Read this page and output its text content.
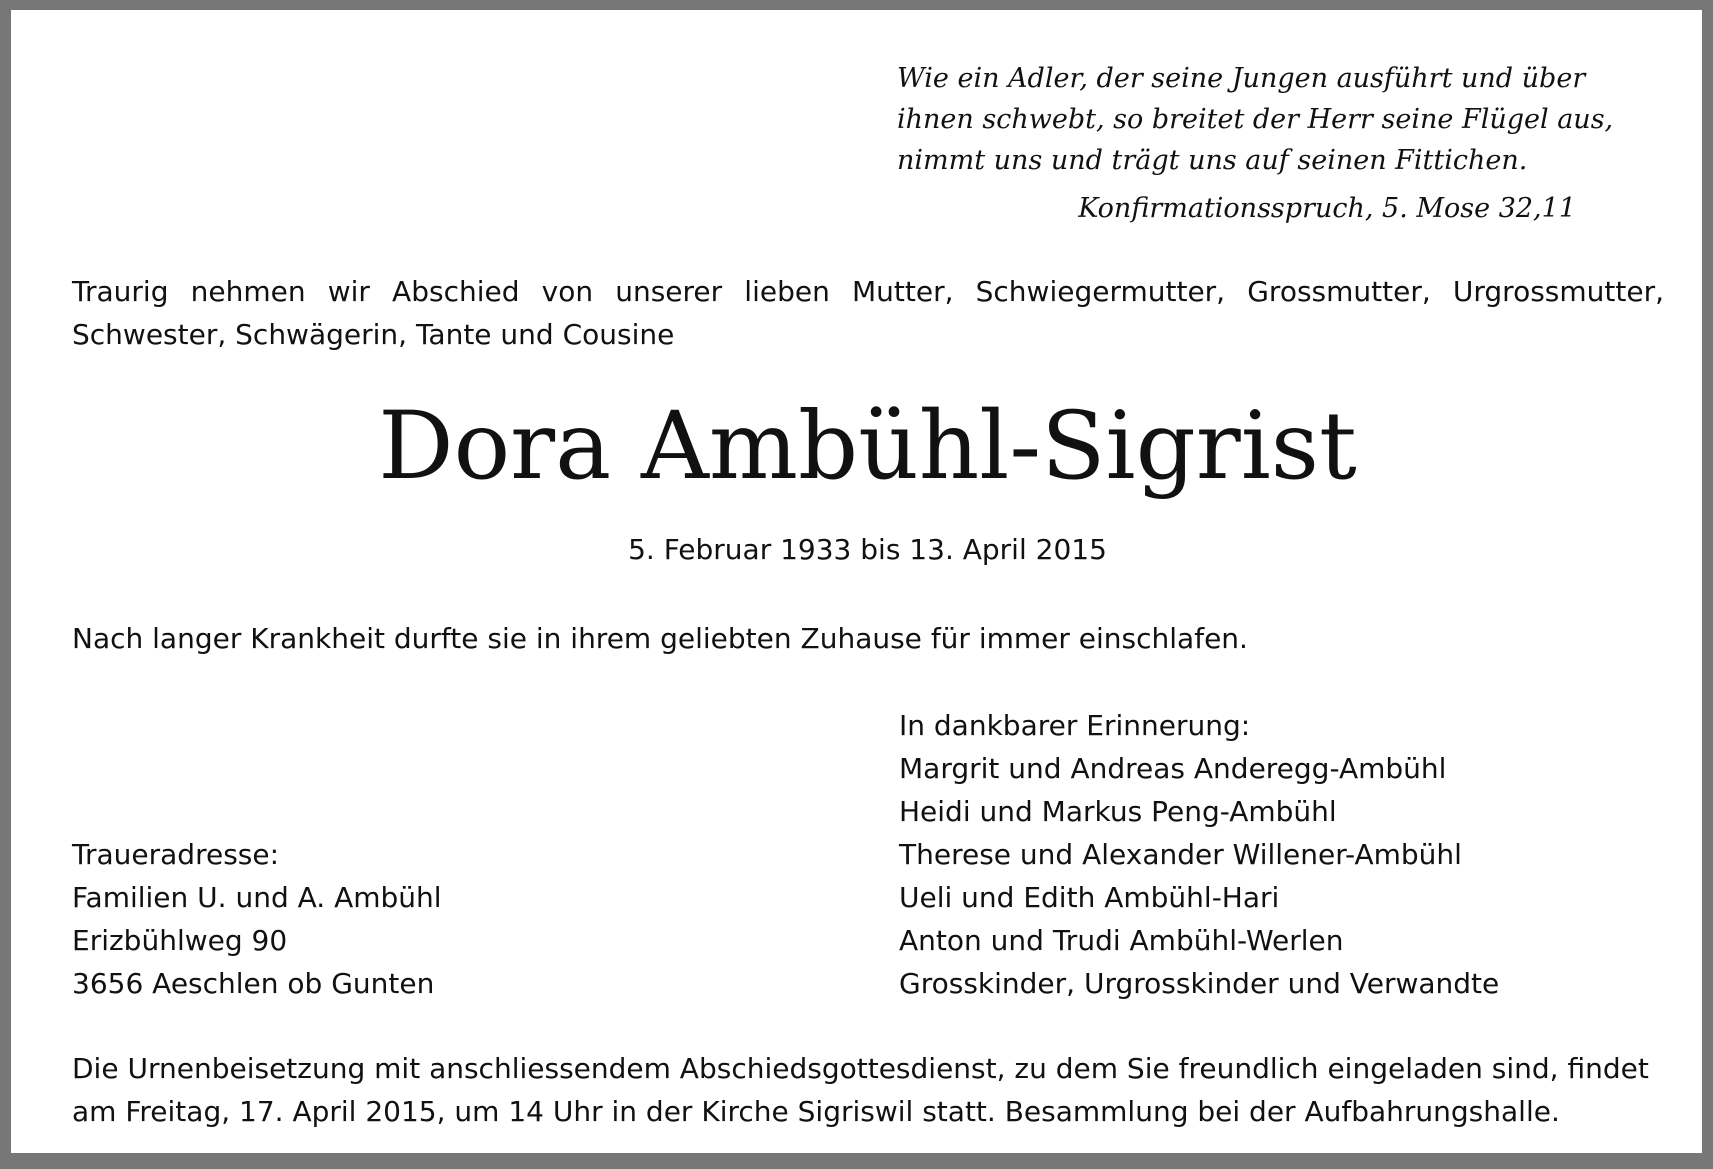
Wie ein Adler, der seine Jungen ausführt und über
ihnen schwebt, so breitet der Herr seine Flügel aus,
nimmt uns und trägt uns auf seinen Fittichen.
Konfirmationsspruch, 5. Mose 32,11
Traurig nehmen wir Abschied von unserer lieben Mutter, Schwiegermutter, Grossmutter, Urgrossmutter,
Schwester, Schwägerin, Tante und Cousine
Dora Ambühl-Sigrist
5. Februar 1933 bis 13. April 2015
Nach langer Krankheit durfte sie in ihrem geliebten Zuhause für immer einschlafen.
In dankbarer Erinnerung:
Margrit und Andreas Anderegg-Ambühl
Heidi und Markus Peng-Ambühl
Therese und Alexander Willener-Ambühl
Ueli und Edith Ambühl-Hari
Anton und Trudi Ambühl-Werlen
Grosskinder, Urgrosskinder und Verwandte
Traueradresse:
Familien U. und A. Ambühl
Erizbühlweg 90
3656 Aeschlen ob Gunten
Die Urnenbeisetzung mit anschliessendem Abschiedsgottesdienst, zu dem Sie freundlich eingeladen sind, findet
am Freitag, 17. April 2015, um 14 Uhr in der Kirche Sigriswil statt. Besammlung bei der Aufbahrungshalle.
